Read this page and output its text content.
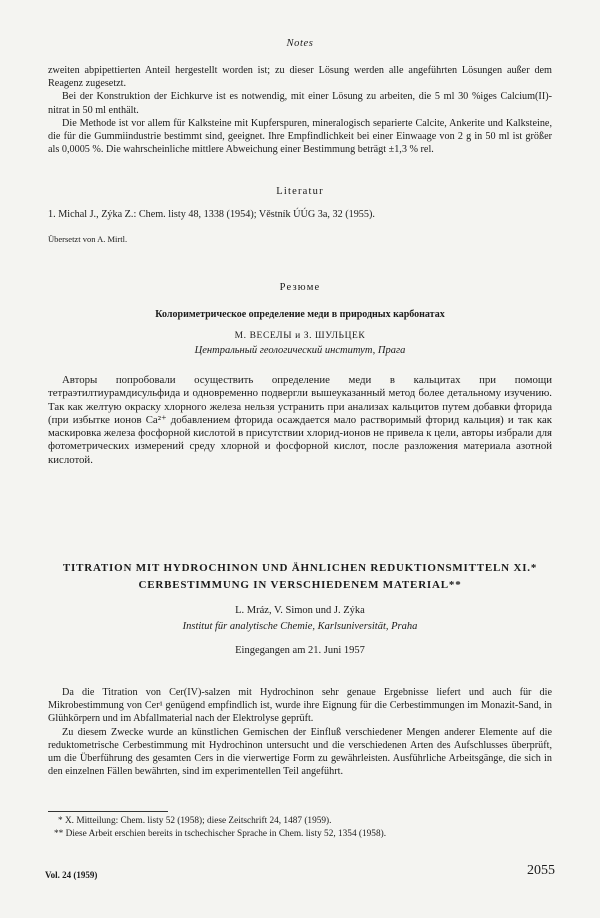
Notes

zweiten abpipettierten Anteil hergestellt worden ist; zu dieser Lösung werden alle angeführten Lösungen außer dem Reagenz zugesetzt.

Bei der Konstruktion der Eichkurve ist es notwendig, mit einer Lösung zu arbeiten, die 5 ml 30 %iges Calcium(II)-nitrat in 50 ml enthält.

Die Methode ist vor allem für Kalksteine mit Kupferspuren, mineralogisch separierte Calcite, Ankerite und Kalksteine, die für die Gummiindustrie bestimmt sind, geeignet. Ihre Empfindlichkeit bei einer Einwaage von 2 g in 50 ml ist größer als 0,0005 %. Die wahrscheinliche mittlere Abweichung einer Bestimmung beträgt ±1,3 % rel.

Literatur
1. Michal J., Zýka Z.: Chem. listy 48, 1338 (1954); Věstník ÚÚG 3a, 32 (1955).
Übersetzt von A. Mirtl.
Резюме
Колориметрическое определение меди в природных карбонатах
М. ВЕСЕЛЫ и З. ШУЛЬЦЕК
Центральный геологический институт, Прага
Авторы попробовали осуществить определение меди в кальцитах при помощи тетраэтилтиурамдисульфида и одновременно подвергли вышеуказанный метод более детальному изучению. Так как желтую окраску хлорного железа нельзя устранить при анализах кальцитов путем добавки фторида (при избытке ионов Ca²⁺ добавлением фторида осаждается мало растворимый фторид кальция) и так как маскировка железа фосфорной кислотой в присутствии хлорид-ионов не привела к цели, авторы избрали для фотометрических измерений среду хлорной и фосфорной кислот, после разложения материала азотной кислотой.
TITRATION MIT HYDROCHINON UND ÄHNLICHEN REDUKTIONSMITTELN XI.*
CERBESTIMMUNG IN VERSCHIEDENEM MATERIAL**
L. Mráz, V. Simon und J. Zýka
Institut für analytische Chemie, Karlsuniversität, Praha
Eingegangen am 21. Juni 1957

Da die Titration von Cer(IV)-salzen mit Hydrochinon sehr genaue Ergebnisse liefert und auch für die Mikrobestimmung von Cer¹ genügend empfindlich ist, wurde ihre Eignung für die Cerbestimmungen im Monazit-Sand, in Glühkörpern und im Abfallmaterial nach der Elektrolyse geprüft.

Zu diesem Zwecke wurde an künstlichen Gemischen der Einfluß verschiedener Mengen anderer Elemente auf die reduktometrische Cerbestimmung mit Hydrochinon untersucht und die verschiedenen Arten des Aufschlusses überprüft, um die Überführung des gesamten Cers in die vierwertige Form zu gewährleisten. Ausführliche Arbeitsgänge, die sich in den einzelnen Fällen bewährten, sind im experimentellen Teil angeführt.

* X. Mitteilung: Chem. listy 52 (1958); diese Zeitschrift 24, 1487 (1959).
** Diese Arbeit erschien bereits in tschechischer Sprache in Chem. listy 52, 1354 (1958).
Vol. 24 (1959)	2055
